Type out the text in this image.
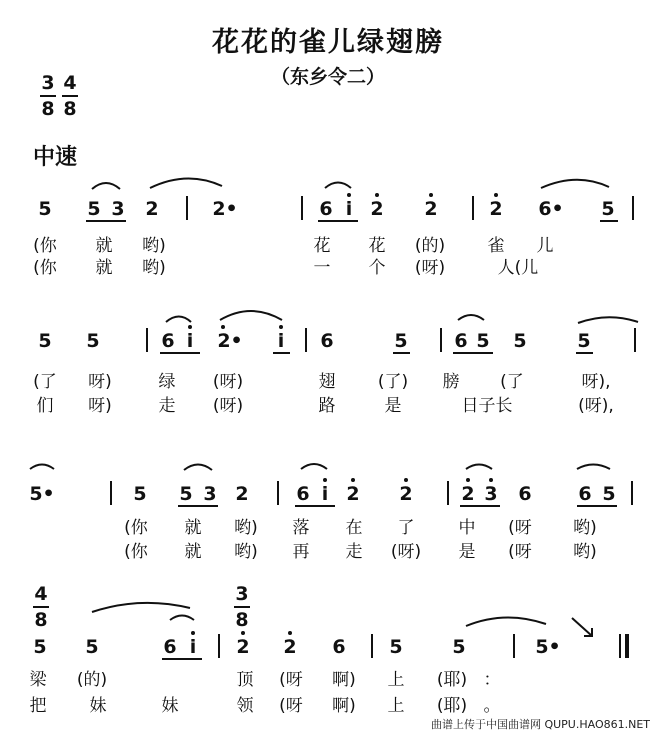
花花的雀儿绿翅膀
（东乡令二）
3
8
4
8
中速
5 5 3 2	2•	6 i 2 2	2 6• 5
(你 就 哟)	花 花 (的) 雀 儿
(你 就 哟)	一 个 (呀)	人(儿
5 5	6 i 2• i 6	5 6 5 5	5
(了 呀)	绿 (呀)	翅 (了) 膀 (了	呀),
们 呀)	走 (呀)	路	是	日子长	(呀),
5•	5 5 3 2	6 i 2 2	2 3 6 6 5
(你 就 哟) 落 在 了	中 (呀 哟)
(你 就 哟) 再 走 (呀) 是 (呀 哟)
4
8
3
8
5 5	6 i 2 2 6 5	5	5•
梁 (的)	顶 (呀 啊) 上 (耶) ：
把	妹	妹	领 (呀 啊) 上 (耶) 。
曲谱上传于中国曲谱网 QUPU.HAO861.NET
